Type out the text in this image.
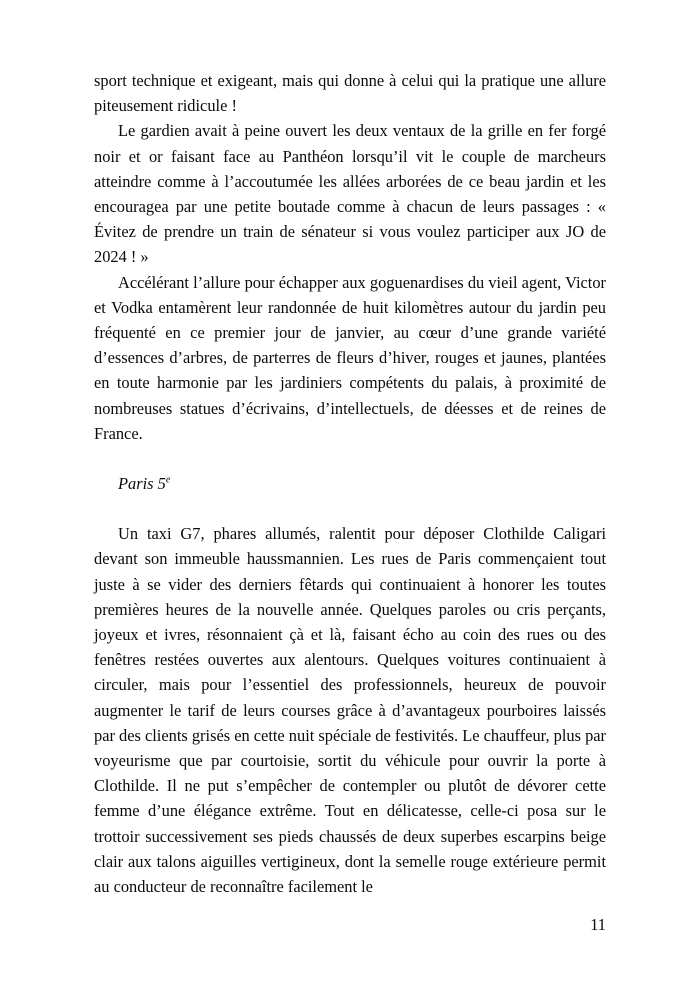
sport technique et exigeant, mais qui donne à celui qui la pratique une allure piteusement ridicule !

Le gardien avait à peine ouvert les deux ventaux de la grille en fer forgé noir et or faisant face au Panthéon lorsqu’il vit le couple de marcheurs atteindre comme à l’accoutumée les allées arborées de ce beau jardin et les encouragea par une petite boutade comme à chacun de leurs passages : « Évitez de prendre un train de sénateur si vous voulez participer aux JO de 2024 ! »

Accélérant l’allure pour échapper aux goguenardises du vieil agent, Victor et Vodka entamèrent leur randonnée de huit kilomètres autour du jardin peu fréquenté en ce premier jour de janvier, au cœur d’une grande variété d’essences d’arbres, de parterres de fleurs d’hiver, rouges et jaunes, plantées en toute harmonie par les jardiniers compétents du palais, à proximité de nombreuses statues d’écrivains, d’intellectuels, de déesses et de reines de France.

Paris 5e

Un taxi G7, phares allumés, ralentit pour déposer Clothilde Caligari devant son immeuble haussmannien. Les rues de Paris commençaient tout juste à se vider des derniers fêtards qui continuaient à honorer les toutes premières heures de la nouvelle année. Quelques paroles ou cris perçants, joyeux et ivres, résonnaient çà et là, faisant écho au coin des rues ou des fenêtres restées ouvertes aux alentours. Quelques voitures continuaient à circuler, mais pour l’essentiel des professionnels, heureux de pouvoir augmenter le tarif de leurs courses grâce à d’avantageux pourboires laissés par des clients grisés en cette nuit spéciale de festivités. Le chauffeur, plus par voyeurisme que par courtoisie, sortit du véhicule pour ouvrir la porte à Clothilde. Il ne put s’empêcher de contempler ou plutôt de dévorer cette femme d’une élégance extrême. Tout en délicatesse, celle-ci posa sur le trottoir successivement ses pieds chaussés de deux superbes escarpins beige clair aux talons aiguilles vertigineux, dont la semelle rouge extérieure permit au conducteur de reconnaître facilement le

11
